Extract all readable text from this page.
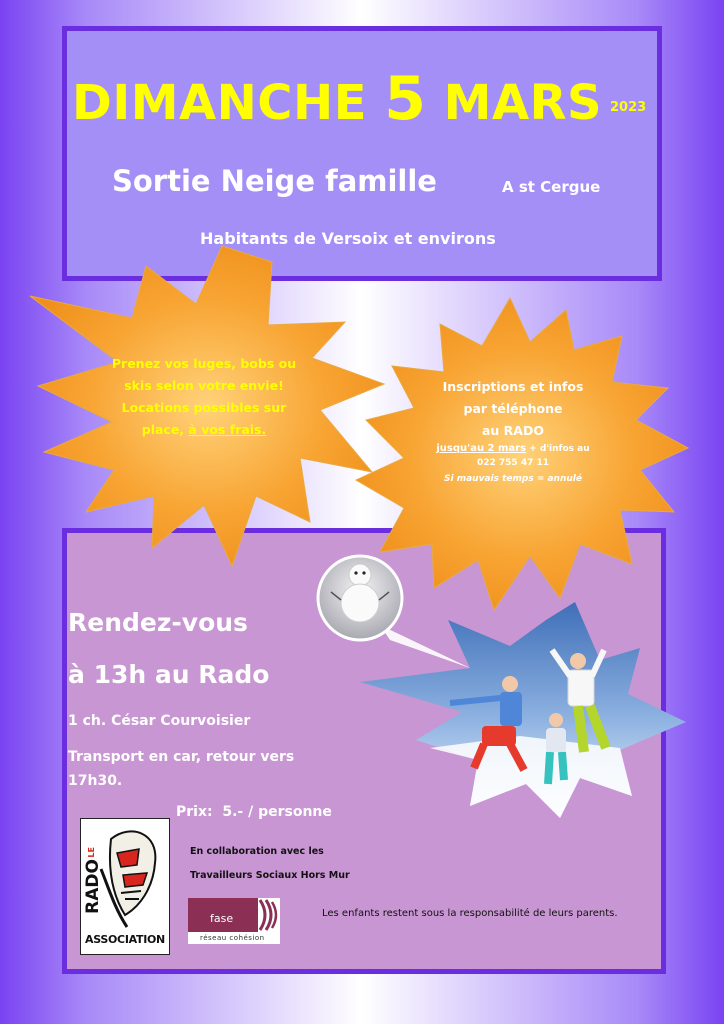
DIMANCHE 5 MARS 2023
Sortie Neige famille	A st Cergue
Habitants de Versoix et environs
Prenez vos luges, bobs ou
skis selon votre envie!
Locations possibles sur
place, à vos frais.
Inscriptions et infos
par téléphone
au RADO
jusqu'au 2 mars + d'infos au
022 755 47 11
Si mauvais temps = annulé
Rendez-vous
à 13h au Rado
1 ch. César Courvoisier
Transport en car, retour vers 17h30.
Prix:  5.- / personne
LE
RADO
ASSOCIATION
En collaboration avec les
Travailleurs Sociaux Hors Mur
fase
réseau cohésion
Les enfants restent sous la responsabilité de leurs parents.
